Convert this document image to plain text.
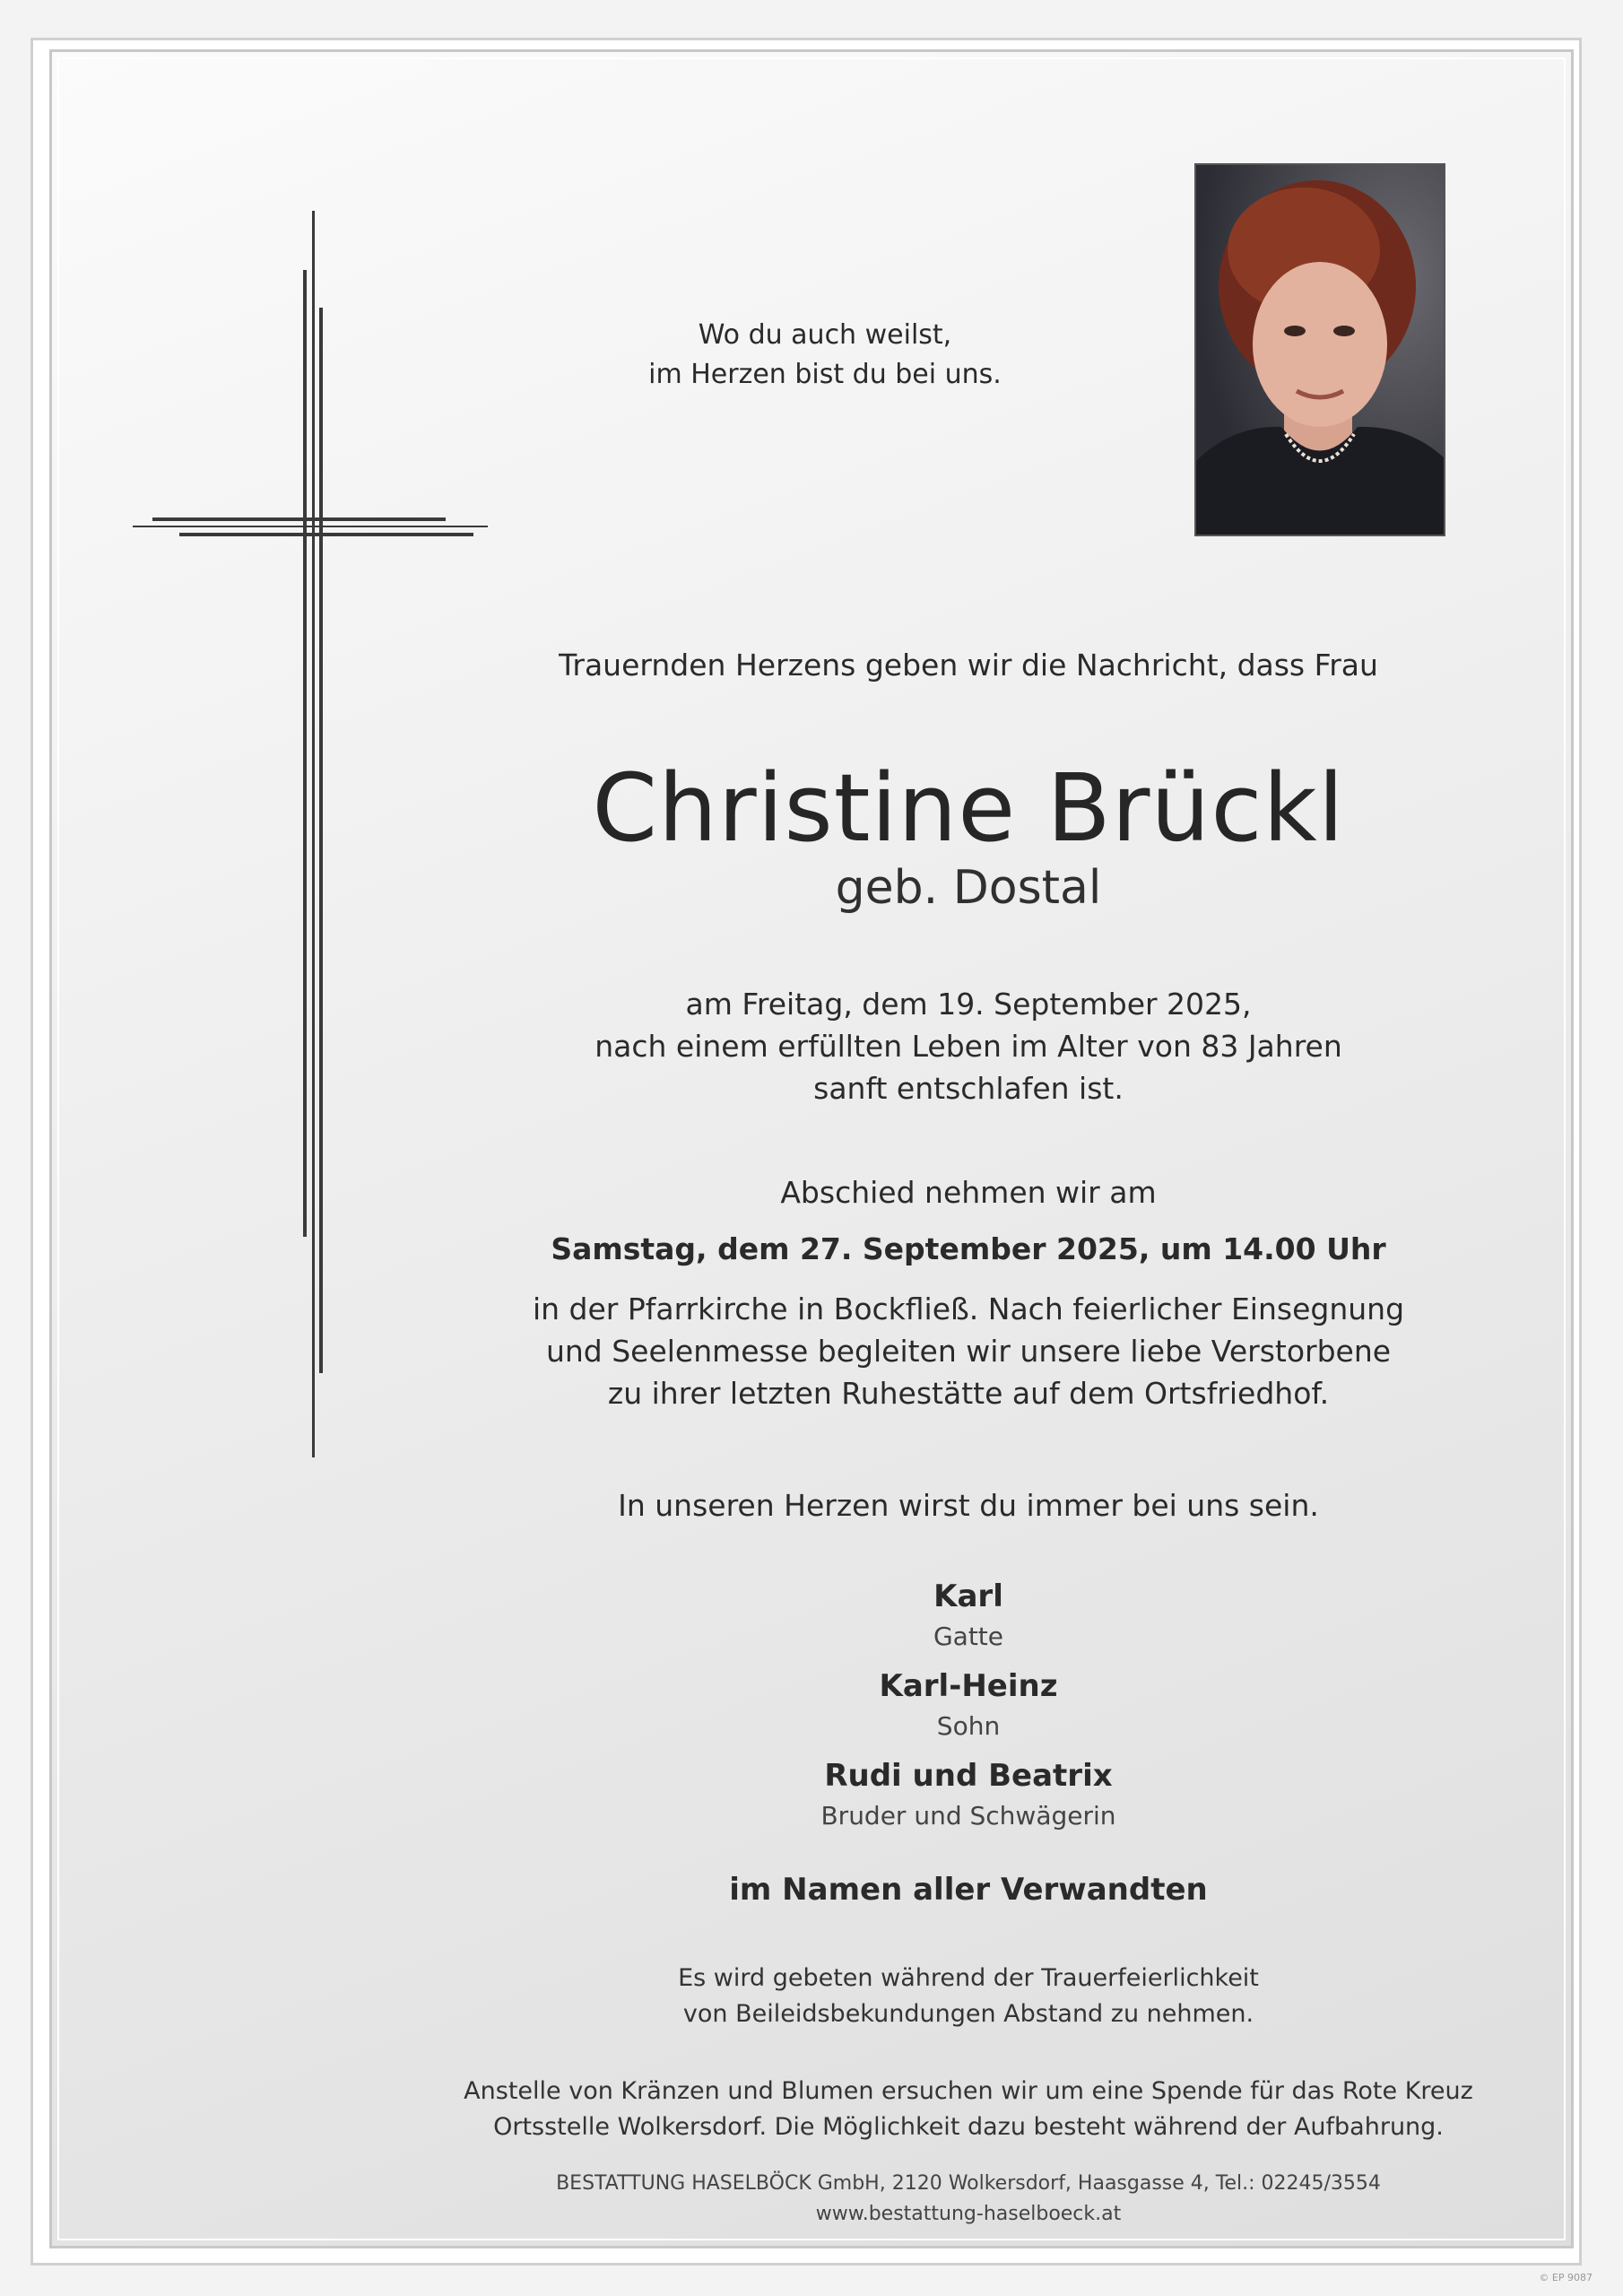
Wo du auch weilst,
im Herzen bist du bei uns.
Trauernden Herzens geben wir die Nachricht, dass Frau
Christine Brückl
geb. Dostal
am Freitag, dem 19. September 2025,
nach einem erfüllten Leben im Alter von 83 Jahren
sanft entschlafen ist.
Abschied nehmen wir am
Samstag, dem 27. September 2025, um 14.00 Uhr
in der Pfarrkirche in Bockfließ. Nach feierlicher Einsegnung
und Seelenmesse begleiten wir unsere liebe Verstorbene
zu ihrer letzten Ruhestätte auf dem Ortsfriedhof.
In unseren Herzen wirst du immer bei uns sein.
Karl
Gatte
Karl-Heinz
Sohn
Rudi und Beatrix
Bruder und Schwägerin
im Namen aller Verwandten
Es wird gebeten während der Trauerfeierlichkeit
von Beileidsbekundungen Abstand zu nehmen.
Anstelle von Kränzen und Blumen ersuchen wir um eine Spende für das Rote Kreuz
Ortsstelle Wolkersdorf. Die Möglichkeit dazu besteht während der Aufbahrung.
BESTATTUNG HASELBÖCK GmbH, 2120 Wolkersdorf, Haasgasse 4, Tel.: 02245/3554
www.bestattung-haselboeck.at
© EP 9087
